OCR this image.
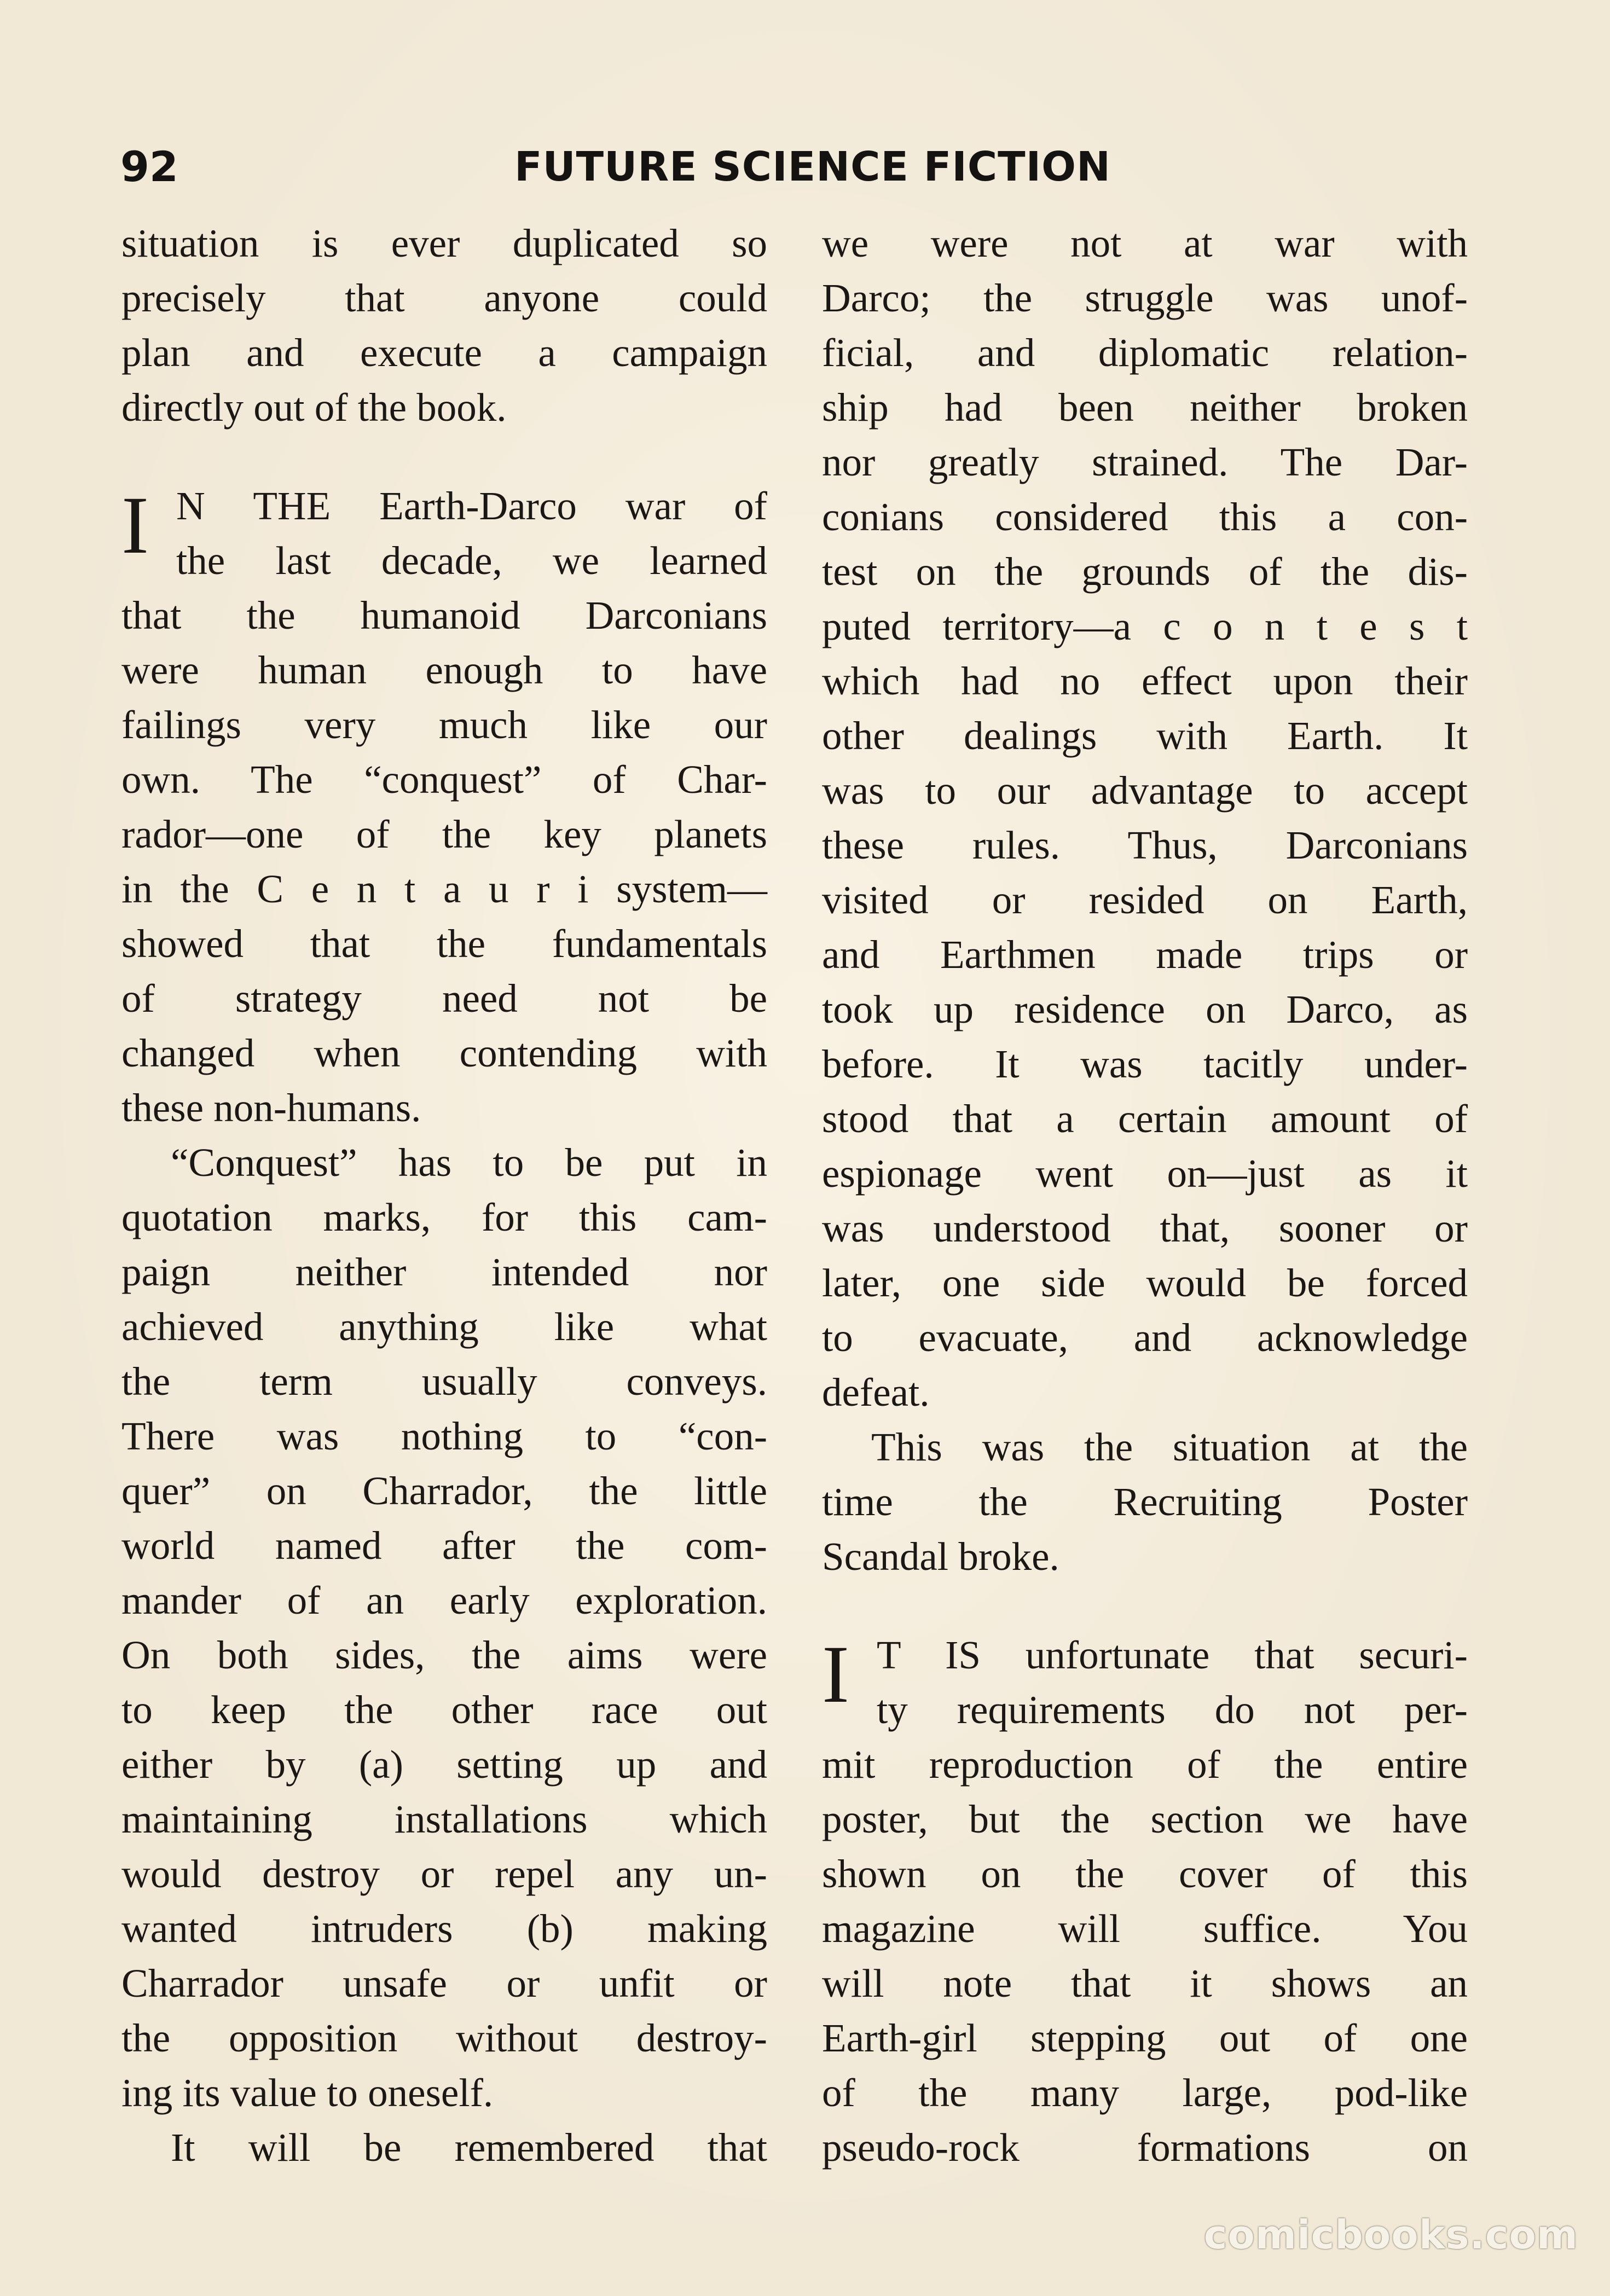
92	FUTURE SCIENCE FICTION
situation is ever duplicated so
precisely that anyone could
plan and execute a campaign
directly out of the book.
I N THE Earth-Darco war of
the last decade, we learned
that the humanoid Darconians
were human enough to have
failings very much like our
own. The “conquest” of Char-
rador—one of the key planets
in the C e n t a u r i system—
showed that the fundamentals
of strategy need not be
changed when contending with
these non-humans.
“Conquest” has to be put in
quotation marks, for this cam-
paign neither intended nor
achieved anything like what
the term usually conveys.
There was nothing to “con-
quer” on Charrador, the little
world named after the com-
mander of an early exploration.
On both sides, the aims were
to keep the other race out
either by (a) setting up and
maintaining installations which
would destroy or repel any un-
wanted intruders (b) making
Charrador unsafe or unfit or
the opposition without destroy-
ing its value to oneself.
It will be remembered that
we were not at war with
Darco; the struggle was unof-
ficial, and diplomatic relation-
ship had been neither broken
nor greatly strained. The Dar-
conians considered this a con-
test on the grounds of the dis-
puted territory—a c o n t e s t
which had no effect upon their
other dealings with Earth. It
was to our advantage to accept
these rules. Thus, Darconians
visited or resided on Earth,
and Earthmen made trips or
took up residence on Darco, as
before. It was tacitly under-
stood that a certain amount of
espionage went on—just as it
was understood that, sooner or
later, one side would be forced
to evacuate, and acknowledge
defeat.
This was the situation at the
time the Recruiting Poster
Scandal broke.
I T IS unfortunate that securi-
ty requirements do not per-
mit reproduction of the entire
poster, but the section we have
shown on the cover of this
magazine will suffice. You
will note that it shows an
Earth-girl stepping out of one
of the many large, pod-like
pseudo-rock formations on
comicbooks.com
